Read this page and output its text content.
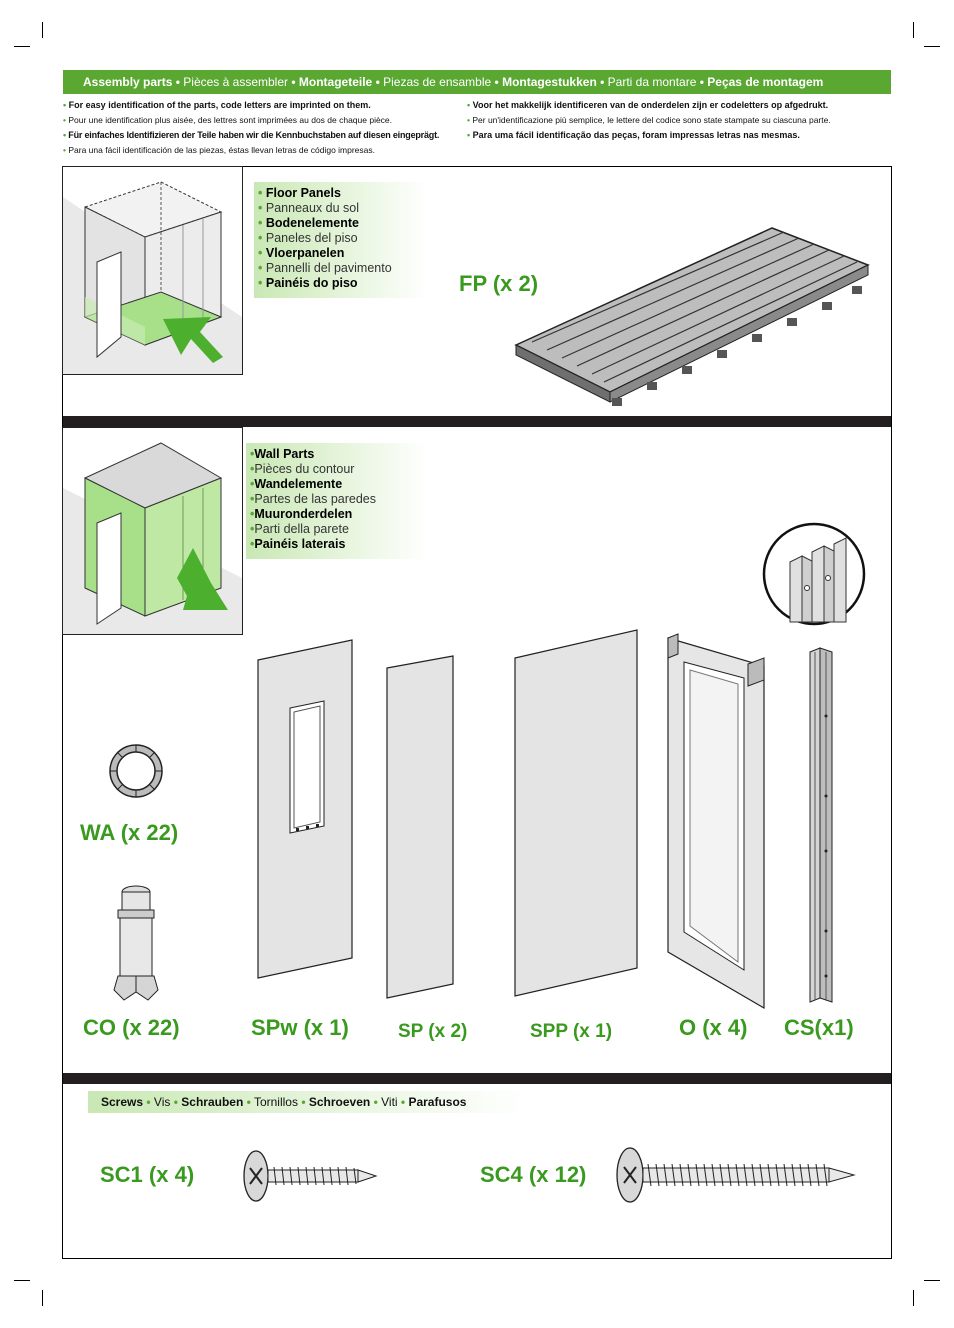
Assembly parts • Pièces à assembler • Montageteile • Piezas de ensamble • Montagestukken • Parti da montare • Peças de montagem
• For easy identification of the parts, code letters are imprinted on them.
• Pour une identification plus aisée, des lettres sont imprimées au dos de chaque pièce.
• Für einfaches Identifizieren der Teile haben wir die Kennbuchstaben auf diesen eingeprägt.
• Para una fácil identificación de las piezas, éstas llevan letras de código impresas.
• Voor het makkelijk identificeren van de onderdelen zijn er codeletters op afgedrukt.
• Per un'identificazione più semplice, le lettere del codice sono state stampate su ciascuna parte.
• Para uma fácil identificação das peças, foram impressas letras nas mesmas.
• Floor Panels
• Panneaux du sol
• Bodenelemente
• Paneles del piso
• Vloerpanelen
• Pannelli del pavimento
• Painéis do piso	FP (x 2)
•Wall Parts
•Pièces du contour
•Wandelemente
•Partes de las paredes
•Muuronderdelen
•Parti della parete
•Painéis laterais
WA (x 22)
CO (x 22)	SPw (x 1)	SP (x 2)	SPP (x 1)	O (x 4) CS(x1)
Screws • Vis • Schrauben • Tornillos • Schroeven • Viti • Parafusos
SC1 (x 4)	SC4 (x 12)
